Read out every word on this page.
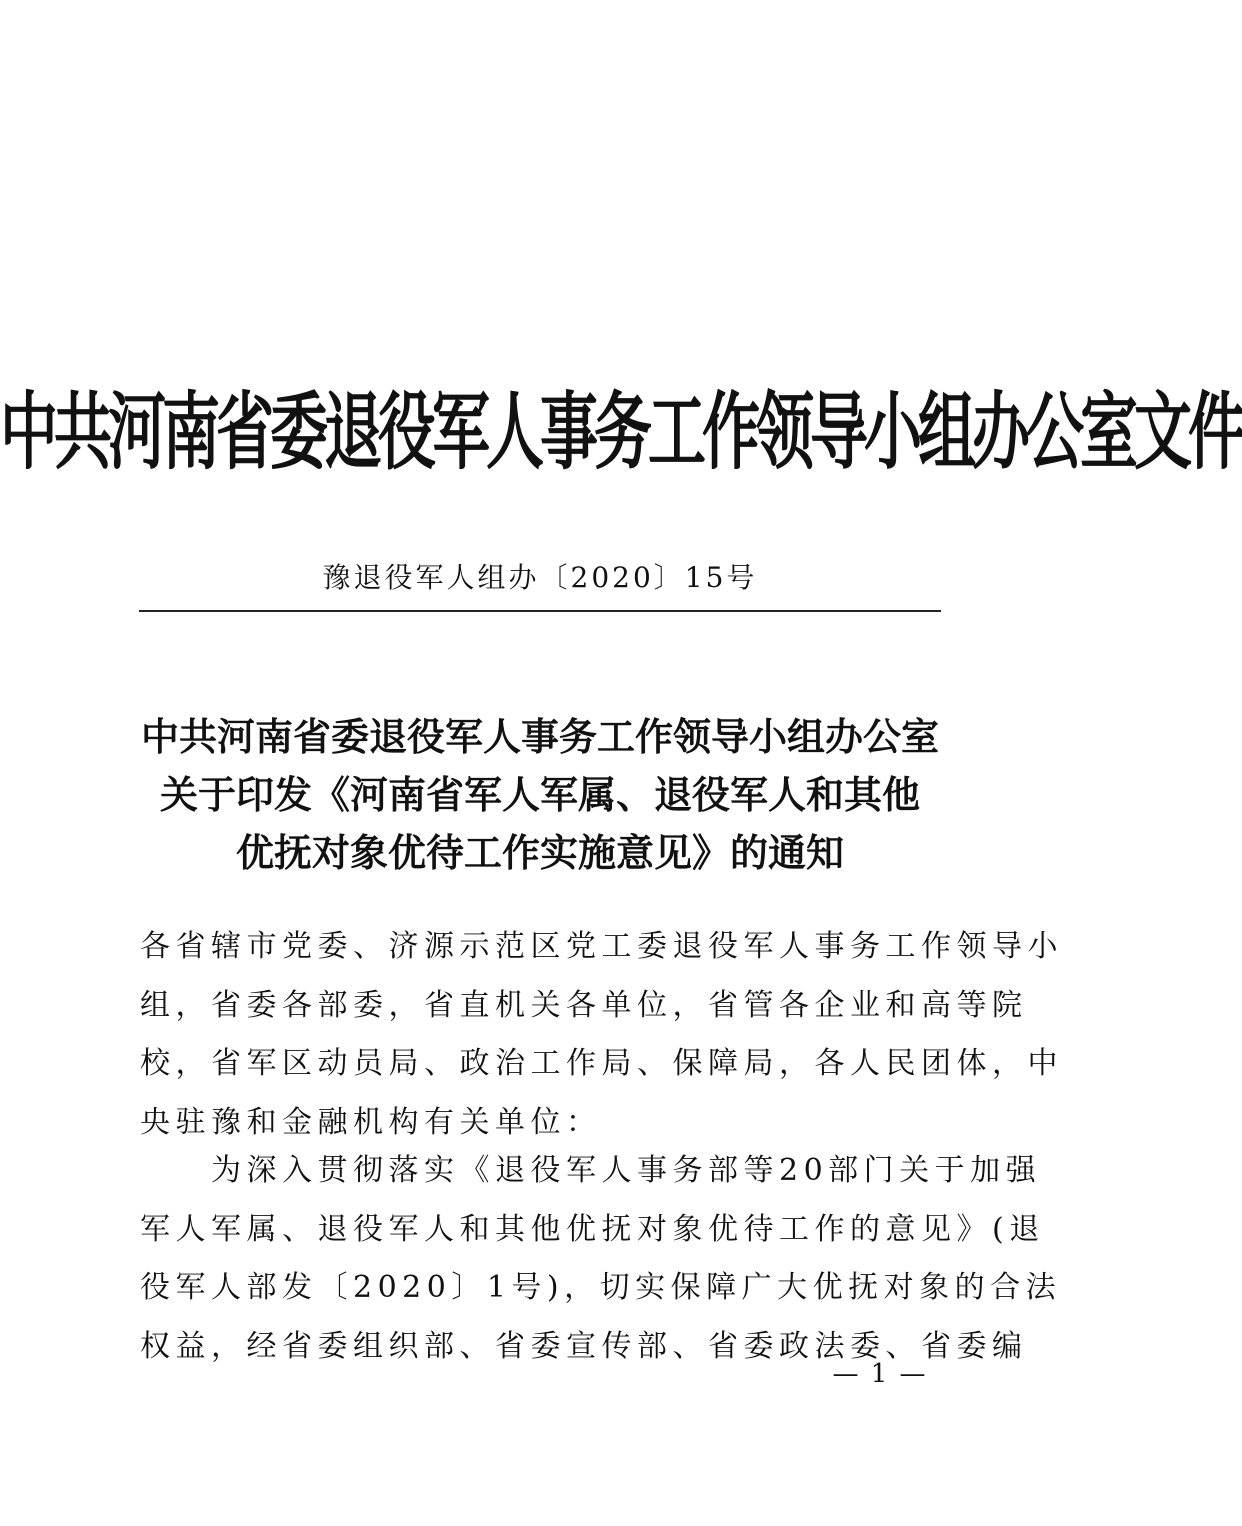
中共河南省委退役军人事务工作领导小组办公室文件
豫退役军人组办〔2020〕15号
中共河南省委退役军人事务工作领导小组办公室
关于印发《河南省军人军属、退役军人和其他
优抚对象优待工作实施意见》的通知
各省辖市党委、济源示范区党工委退役军人事务工作领导小
组，省委各部委，省直机关各单位，省管各企业和高等院
校，省军区动员局、政治工作局、保障局，各人民团体，中
央驻豫和金融机构有关单位：
　　为深入贯彻落实《退役军人事务部等20部门关于加强
军人军属、退役军人和其他优抚对象优待工作的意见》(退
役军人部发〔2020〕1号)，切实保障广大优抚对象的合法
权益，经省委组织部、省委宣传部、省委政法委、省委编
— 1 —
